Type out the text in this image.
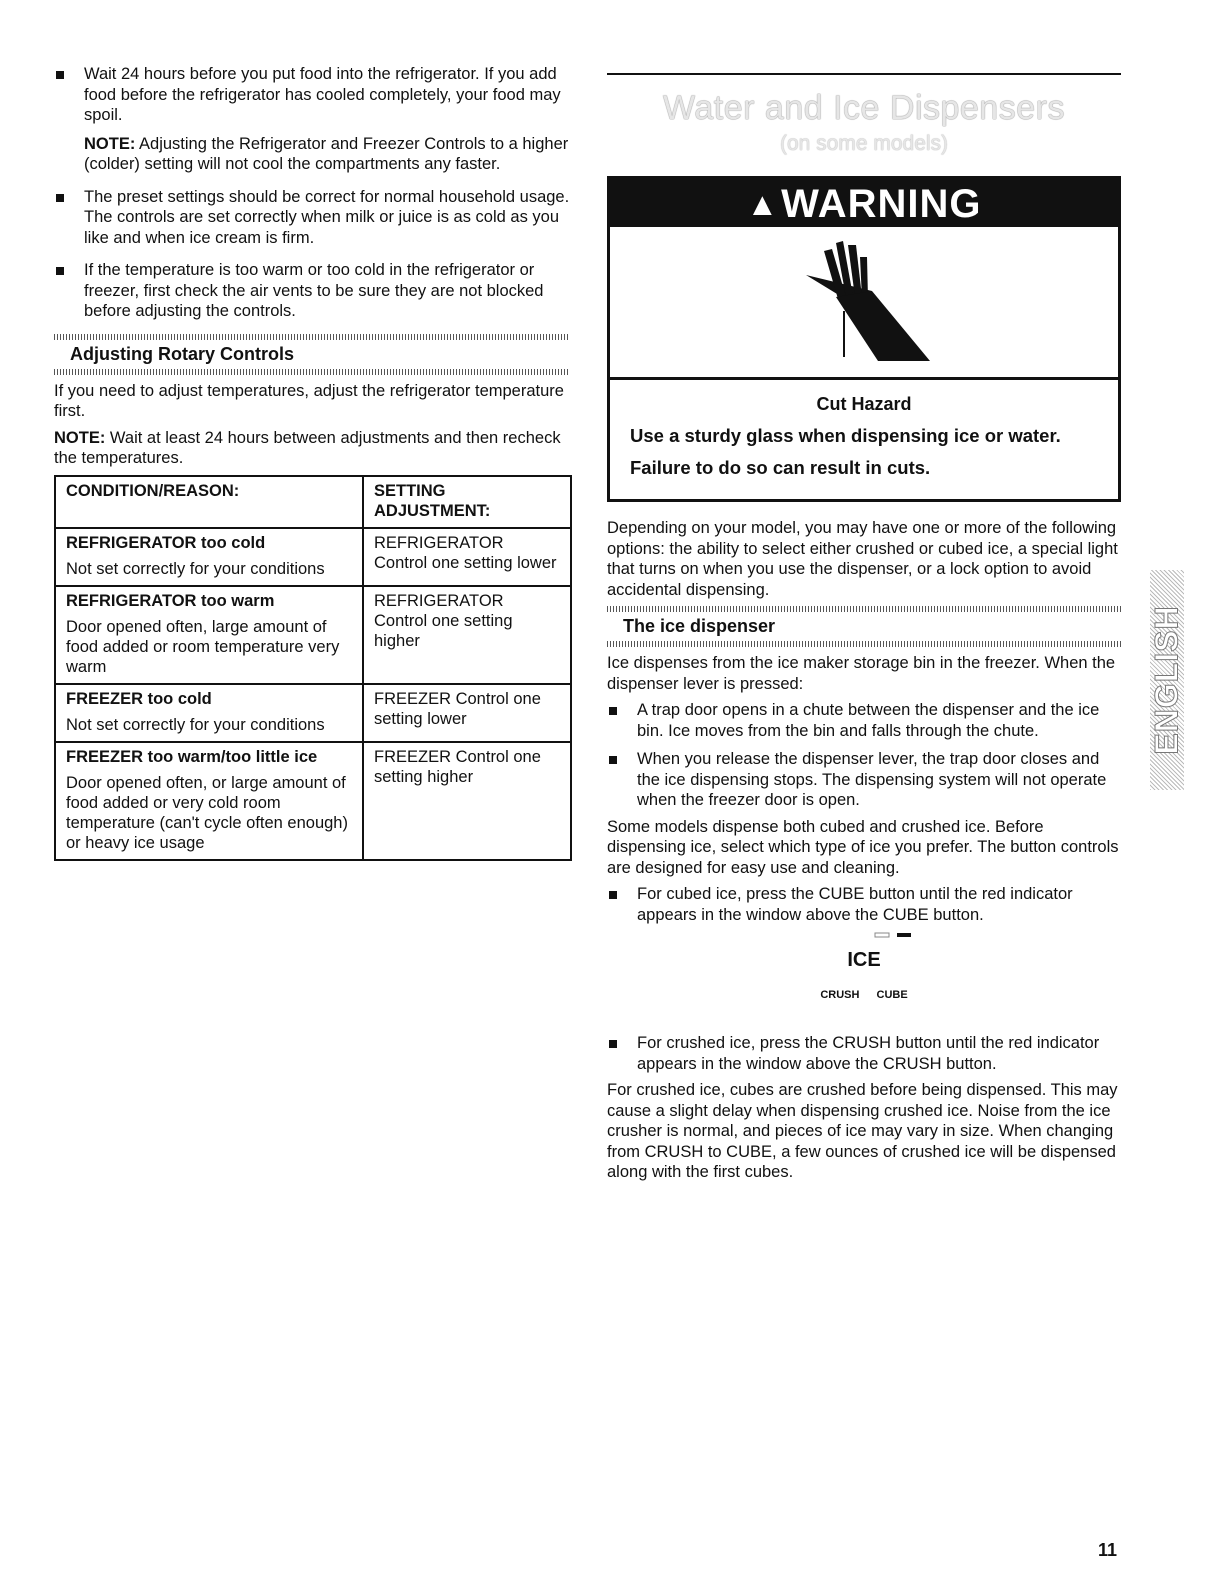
Wait 24 hours before you put food into the refrigerator. If you add food before the refrigerator has cooled completely, your food may spoil.

NOTE: Adjusting the Refrigerator and Freezer Controls to a higher (colder) setting will not cool the compartments any faster.

The preset settings should be correct for normal household usage. The controls are set correctly when milk or juice is as cold as you like and when ice cream is firm.

If the temperature is too warm or too cold in the refrigerator or freezer, first check the air vents to be sure they are not blocked before adjusting the controls.

Adjusting Rotary Controls

If you need to adjust temperatures, adjust the refrigerator temperature first.

NOTE: Wait at least 24 hours between adjustments and then recheck the temperatures.

CONDITION/REASON:	SETTING ADJUSTMENT:

REFRIGERATOR too cold
Not set correctly for your conditions	REFRIGERATOR Control one setting lower

REFRIGERATOR too warm
Door opened often, large amount of food added or room temperature very warm	REFRIGERATOR Control one setting higher

FREEZER too cold
Not set correctly for your conditions	FREEZER Control one setting lower

FREEZER too warm/too little ice
Door opened often, or large amount of food added or very cold room temperature (can't cycle often enough) or heavy ice usage	FREEZER Control one setting higher
Water and Ice Dispensers
(on some models)
▲WARNING
Cut Hazard
Use a sturdy glass when dispensing ice or water.
Failure to do so can result in cuts.

Depending on your model, you may have one or more of the following options: the ability to select either crushed or cubed ice, a special light that turns on when you use the dispenser, or a lock option to avoid accidental dispensing.

The ice dispenser

Ice dispenses from the ice maker storage bin in the freezer. When the dispenser lever is pressed:

A trap door opens in a chute between the dispenser and the ice bin. Ice moves from the bin and falls through the chute.

When you release the dispenser lever, the trap door closes and the ice dispensing stops. The dispensing system will not operate when the freezer door is open.

Some models dispense both cubed and crushed ice. Before dispensing ice, select which type of ice you prefer. The button controls are designed for easy use and cleaning.

For cubed ice, press the CUBE button until the red indicator appears in the window above the CUBE button.

ICE
CRUSH CUBE

For crushed ice, press the CRUSH button until the red indicator appears in the window above the CRUSH button.

For crushed ice, cubes are crushed before being dispensed. This may cause a slight delay when dispensing crushed ice. Noise from the ice crusher is normal, and pieces of ice may vary in size. When changing from CRUSH to CUBE, a few ounces of crushed ice will be dispensed along with the first cubes.

ENGLISH
11
